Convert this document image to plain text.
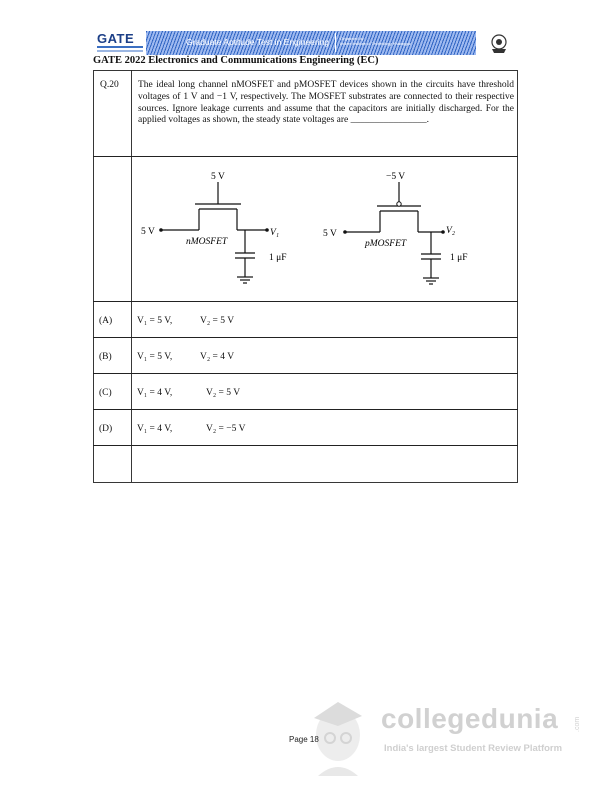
GATE	Graduate Aptitude Test in Engineering	Organised by
Indian Institute of Technology Kharagpur
GATE 2022 Electronics and Communications Engineering (EC)
Q.20 The ideal long channel nMOSFET and pMOSFET devices shown in the circuits have threshold voltages of 1 V and −1 V, respectively. The MOSFET substrates are connected to their respective sources. Ignore leakage currents and assume that the capacitors are initially discharged. For the applied voltages as shown, the steady state voltages are ________________.
5 V
5 V
nMOSFET
V₁
1 μF
−5 V
5 V
pMOSFET
V₂
1 μF
(A)	V₁ = 5 V,	V₂ = 5 V
(B)	V₁ = 5 V,	V₂ = 4 V
(C)	V₁ = 4 V,	V₂ = 5 V
(D)	V₁ = 4 V,	V₂ = −5 V
collegedunia .com
India's largest Student Review Platform
Page 18
